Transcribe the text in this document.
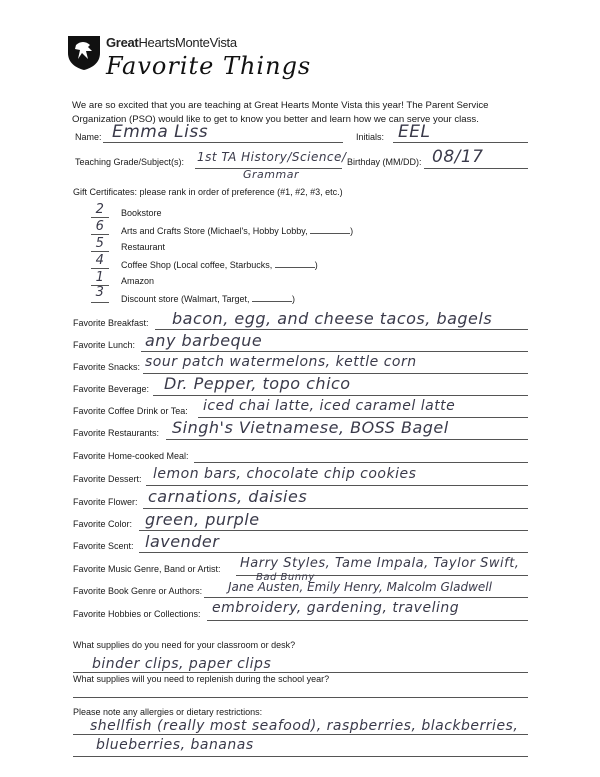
GreatHeartsMonteVista
Favorite Things
We are so excited that you are teaching at Great Hearts Monte Vista this year! The Parent Service Organization (PSO) would like to get to know you better and learn how we can serve your class.
Name: Emma Liss	Initials: EEL
Teaching Grade/Subject(s): 1st TA History/Science/
Grammar
Birthday (MM/DD): 08/17
Gift Certificates: please rank in order of preference (#1, #2, #3, etc.)
2	Bookstore
6	Arts and Crafts Store (Michael's, Hobby Lobby,	)
5	Restaurant
4	Coffee Shop (Local coffee, Starbucks,	)
1	Amazon
3	Discount store (Walmart, Target,	)
Favorite Breakfast: bacon, egg, and cheese tacos, bagels
Favorite Lunch: any barbeque
Favorite Snacks: sour patch watermelons, kettle corn
Favorite Beverage: Dr. Pepper, topo chico
Favorite Coffee Drink or Tea: iced chai latte, iced caramel latte
Favorite Restaurants: Singh's Vietnamese, BOSS Bagel
Favorite Home-cooked Meal:
Favorite Dessert: lemon bars, chocolate chip cookies
Favorite Flower: carnations, daisies
Favorite Color: green, purple
Favorite Scent: lavender
Favorite Music Genre, Band or Artist: Harry Styles, Tame Impala, Taylor Swift,
Bad Bunny
Favorite Book Genre or Authors: Jane Austen, Emily Henry, Malcolm Gladwell
Favorite Hobbies or Collections: embroidery, gardening, traveling
What supplies do you need for your classroom or desk?
binder clips, paper clips
What supplies will you need to replenish during the school year?
Please note any allergies or dietary restrictions:
shellfish (really most seafood), raspberries, blackberries,
blueberries, bananas
